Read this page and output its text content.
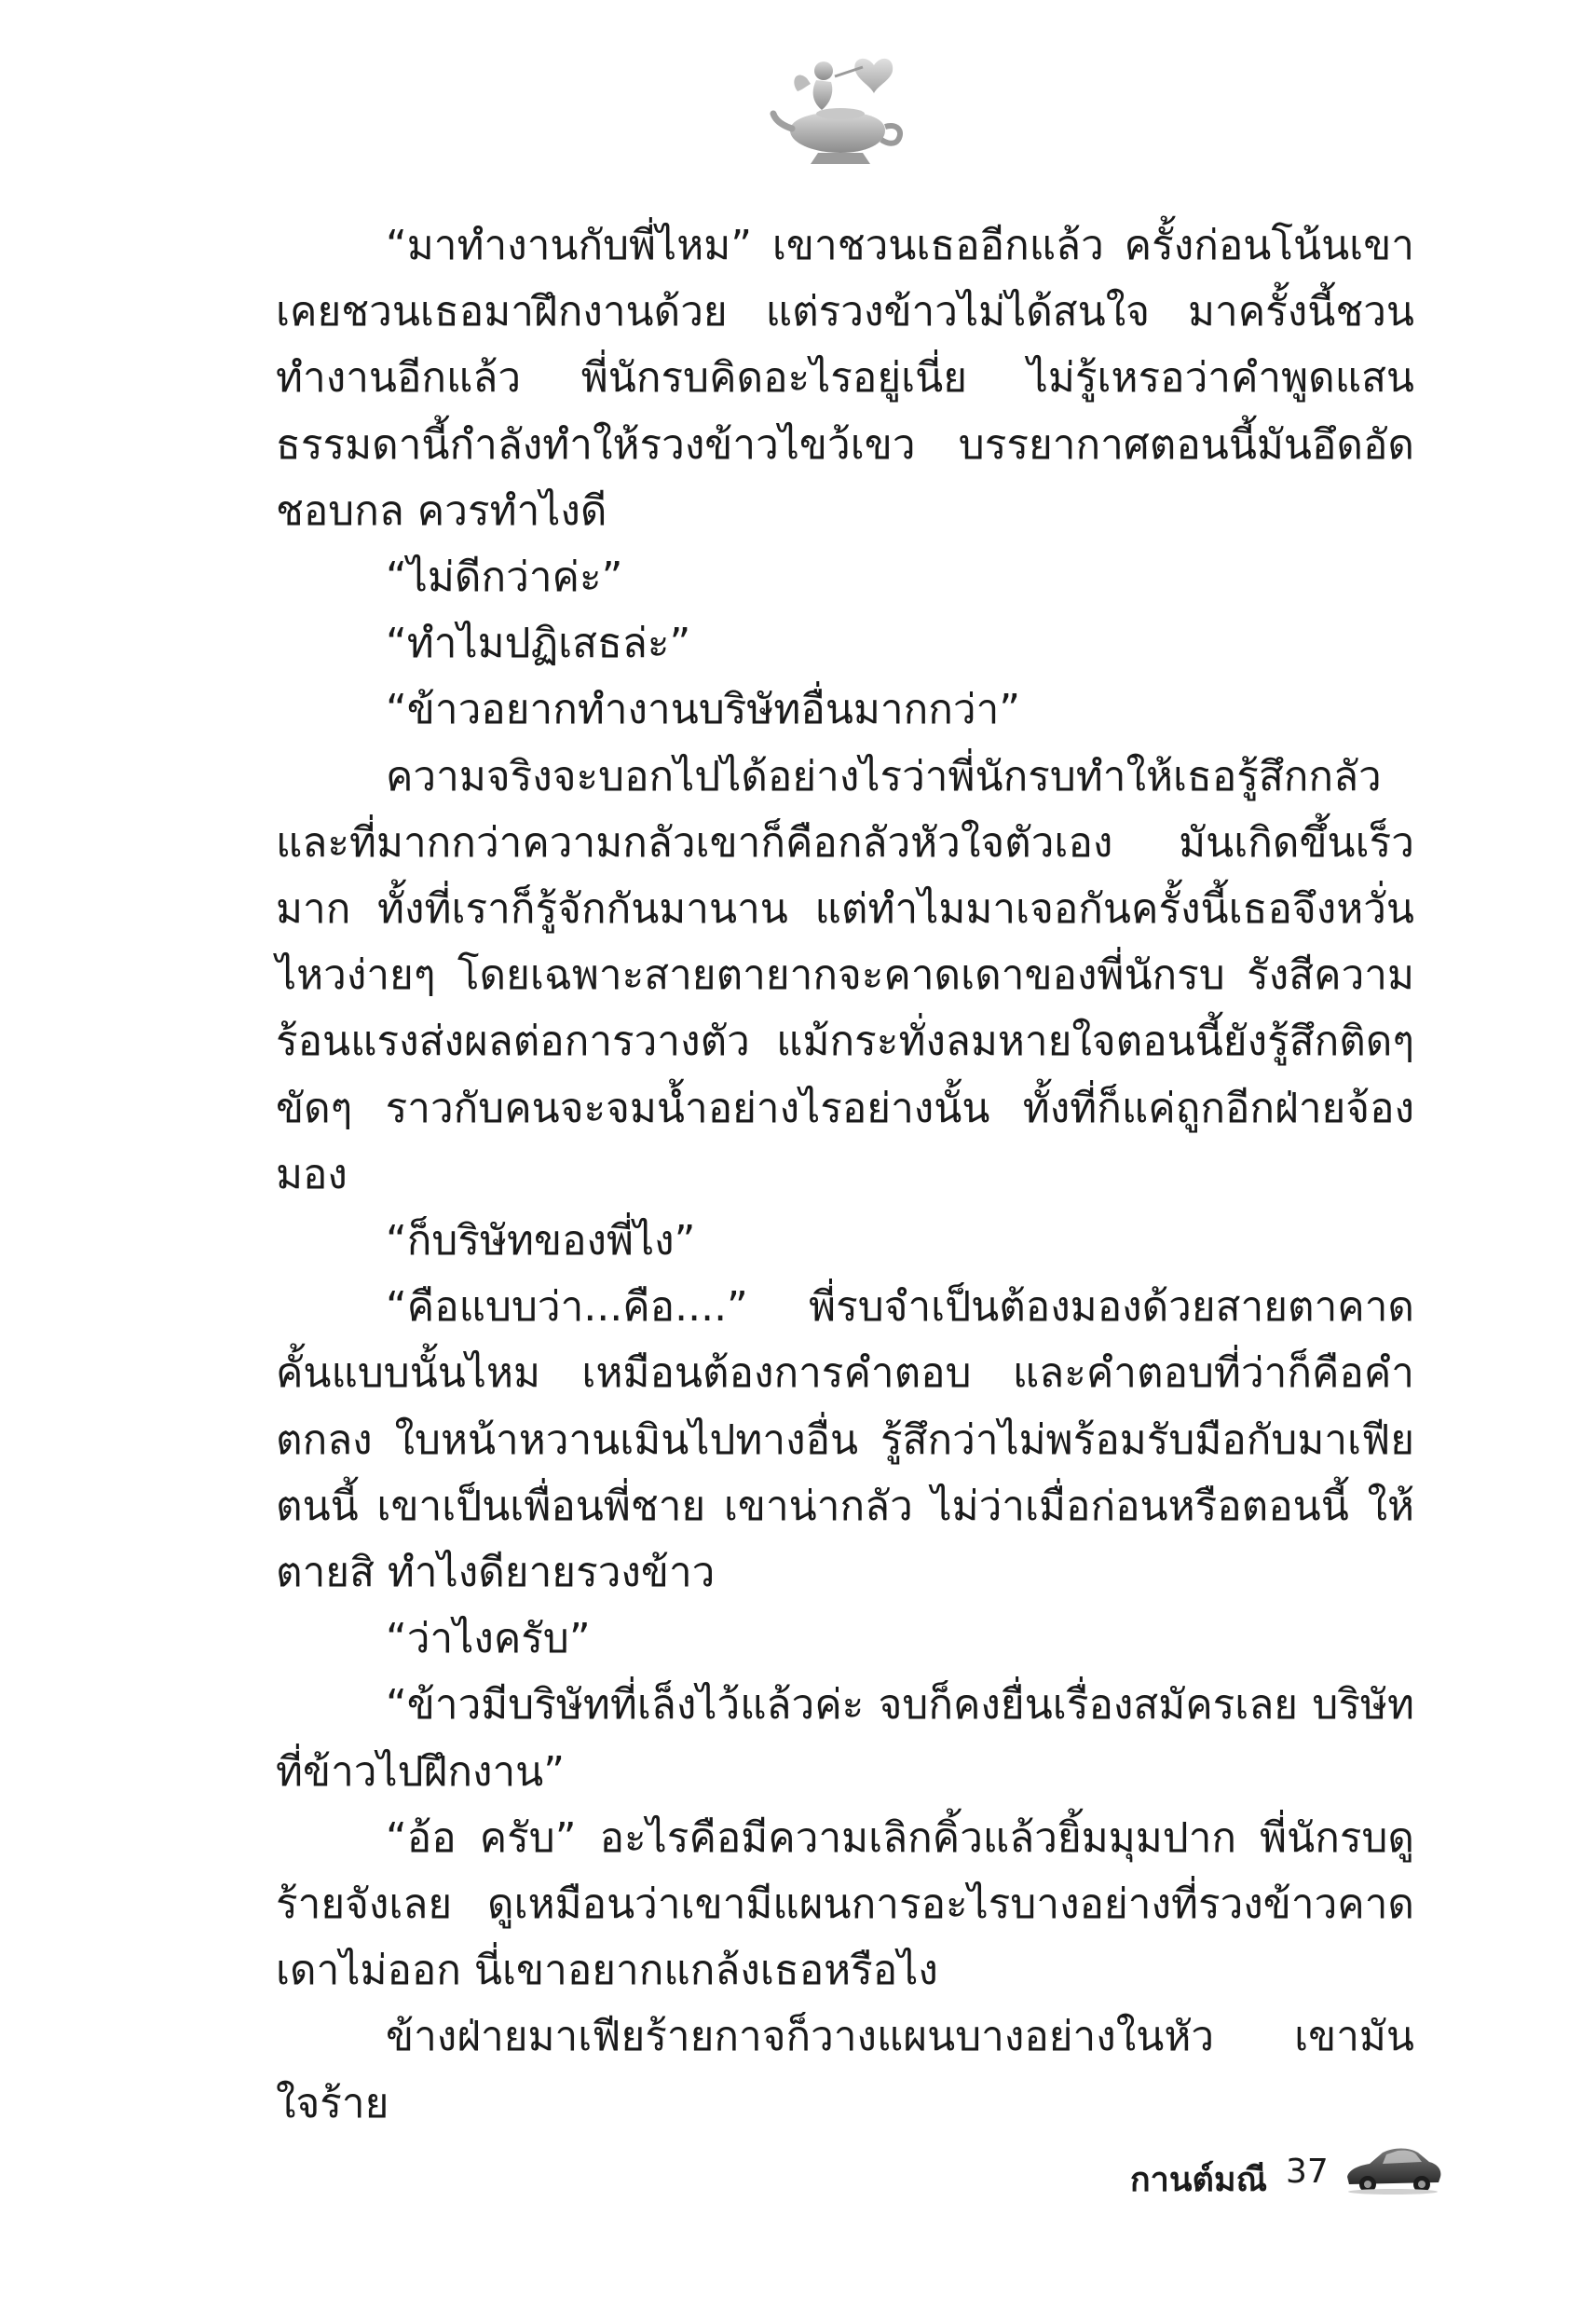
“มาทำงานกับพี่ไหม” เขาชวนเธออีกแล้ว ครั้งก่อนโน้นเขาเคยชวนเธอมาฝึกงานด้วย แต่รวงข้าวไม่ได้สนใจ มาครั้งนี้ชวนทำงานอีกแล้ว พี่นักรบคิดอะไรอยู่เนี่ย ไม่รู้เหรอว่าคำพูดแสนธรรมดานี้กำลังทำให้รวงข้าวไขว้เขว บรรยากาศตอนนี้มันอึดอัดชอบกล ควรทำไงดี

“ไม่ดีกว่าค่ะ”

“ทำไมปฏิเสธล่ะ”

“ข้าวอยากทำงานบริษัทอื่นมากกว่า”

ความจริงจะบอกไปได้อย่างไรว่าพี่นักรบทำให้เธอรู้สึกกลัว และที่มากกว่าความกลัวเขาก็คือกลัวหัวใจตัวเอง มันเกิดขึ้นเร็วมาก ทั้งที่เราก็รู้จักกันมานาน แต่ทำไมมาเจอกันครั้งนี้เธอจึงหวั่นไหวง่ายๆ โดยเฉพาะสายตายากจะคาดเดาของพี่นักรบ รังสีความร้อนแรงส่งผลต่อการวางตัว แม้กระทั่งลมหายใจตอนนี้ยังรู้สึกติดๆ ขัดๆ ราวกับคนจะจมน้ำอย่างไรอย่างนั้น ทั้งที่ก็แค่ถูกอีกฝ่ายจ้องมอง

“ก็บริษัทของพี่ไง”

“คือแบบว่า...คือ....” พี่รบจำเป็นต้องมองด้วยสายตาคาดคั้นแบบนั้นไหม เหมือนต้องการคำตอบ และคำตอบที่ว่าก็คือคำตกลง ใบหน้าหวานเมินไปทางอื่น รู้สึกว่าไม่พร้อมรับมือกับมาเฟียตนนี้ เขาเป็นเพื่อนพี่ชาย เขาน่ากลัว ไม่ว่าเมื่อก่อนหรือตอนนี้ ให้ตายสิ ทำไงดียายรวงข้าว

“ว่าไงครับ”

“ข้าวมีบริษัทที่เล็งไว้แล้วค่ะ จบก็คงยื่นเรื่องสมัครเลย บริษัทที่ข้าวไปฝึกงาน”

“อ้อ ครับ” อะไรคือมีความเลิกคิ้วแล้วยิ้มมุมปาก พี่นักรบดูร้ายจังเลย ดูเหมือนว่าเขามีแผนการอะไรบางอย่างที่รวงข้าวคาดเดาไม่ออก นี่เขาอยากแกล้งเธอหรือไง

ข้างฝ่ายมาเฟียร้ายกาจก็วางแผนบางอย่างในหัว เขามันใจร้าย

กานต์มณี 37
